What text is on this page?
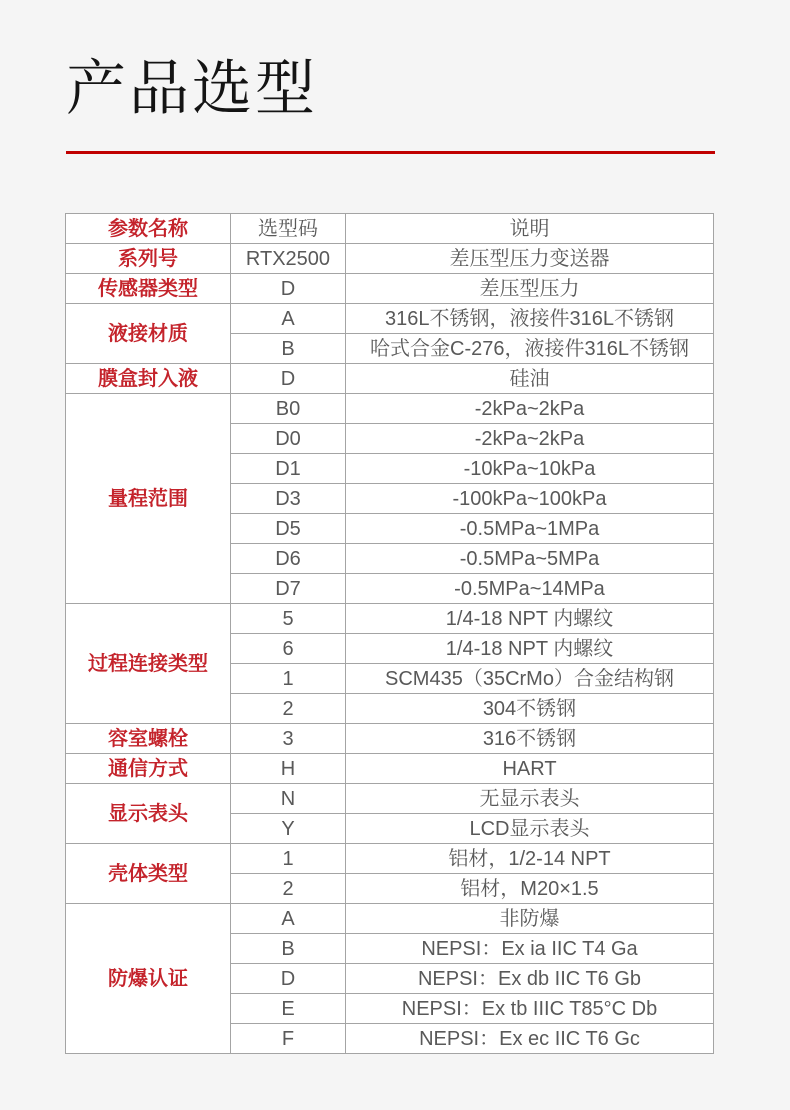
产品选型
参数名称	选型码	说明
系列号	RTX2500	差压型压力变送器
传感器类型	D	差压型压力
液接材质	A	316L不锈钢，液接件316L不锈钢
	B	哈式合金C-276，液接件316L不锈钢
膜盒封入液	D	硅油
量程范围	B0	-2kPa~2kPa
	D0	-2kPa~2kPa
	D1	-10kPa~10kPa
	D3	-100kPa~100kPa
	D5	-0.5MPa~1MPa
	D6	-0.5MPa~5MPa
	D7	-0.5MPa~14MPa
过程连接类型	5	1/4-18 NPT 内螺纹
	6	1/4-18 NPT 内螺纹
	1	SCM435（35CrMo）合金结构钢
	2	304不锈钢
容室螺栓	3	316不锈钢
通信方式	H	HART
显示表头	N	无显示表头
	Y	LCD显示表头
壳体类型	1	铝材，1/2-14 NPT
	2	铝材，M20×1.5
防爆认证	A	非防爆
	B	NEPSI：Ex ia IIC T4 Ga
	D	NEPSI：Ex db IIC T6 Gb
	E	NEPSI：Ex tb IIIC T85°C Db
	F	NEPSI：Ex ec IIC T6 Gc
